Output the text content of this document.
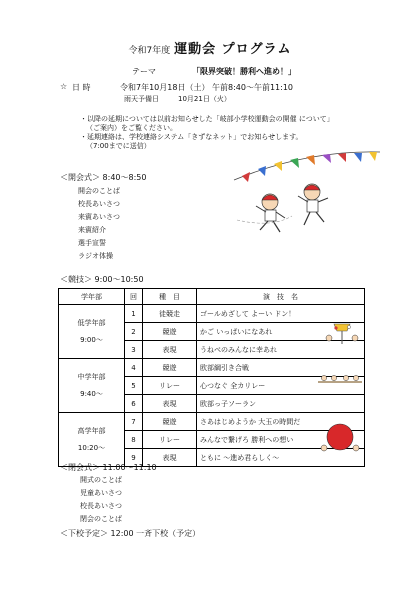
令和7年度 運動会 プログラム
テーマ	「限界突破！勝利へ進め！」
☆ 日 時	令和7年10月18日（土） 午前8:40～午前11:10
雨天予備日	10月21日（火）
・以降の延期については以前お知らせした「岐部小学校運動会の開催 について」
（ご案内）をご覧ください。
・延期連絡は、学校連絡システム「きずなネット」でお知らせします。
（7:00までに送信）
＜開会式＞ 8:40～8:50
開会のことば
校長あいさつ
来賓あいさつ
来賓紹介
選手宣誓
ラジオ体操
＜競技＞ 9:00～10:50
学年部	回	種　目	演　技　名

低学年部
9:00～	1	徒競走	ゴールめざして よーい ドン！
	2	競遊	かご いっぱいになあれ
	3	表現	うねべのみんなに幸あれ

中学年部
9:40～	4	競遊	欧部綱引き合戦
	5	リレー	心つなぐ 全カリレー
	6	表現	欧部っ子ソーラン

高学年部
10:20～	7	競遊	さあはじめようか 大玉の時間だ
	8	リレー	みんなで繋げろ 勝利への想い
	9	表現	ともに ～進め君らしく～
＜閉会式＞ 11:00～11:10
開式のことば
児童あいさつ
校長あいさつ
閉会のことば
＜下校予定＞ 12:00 一斉下校（予定）
